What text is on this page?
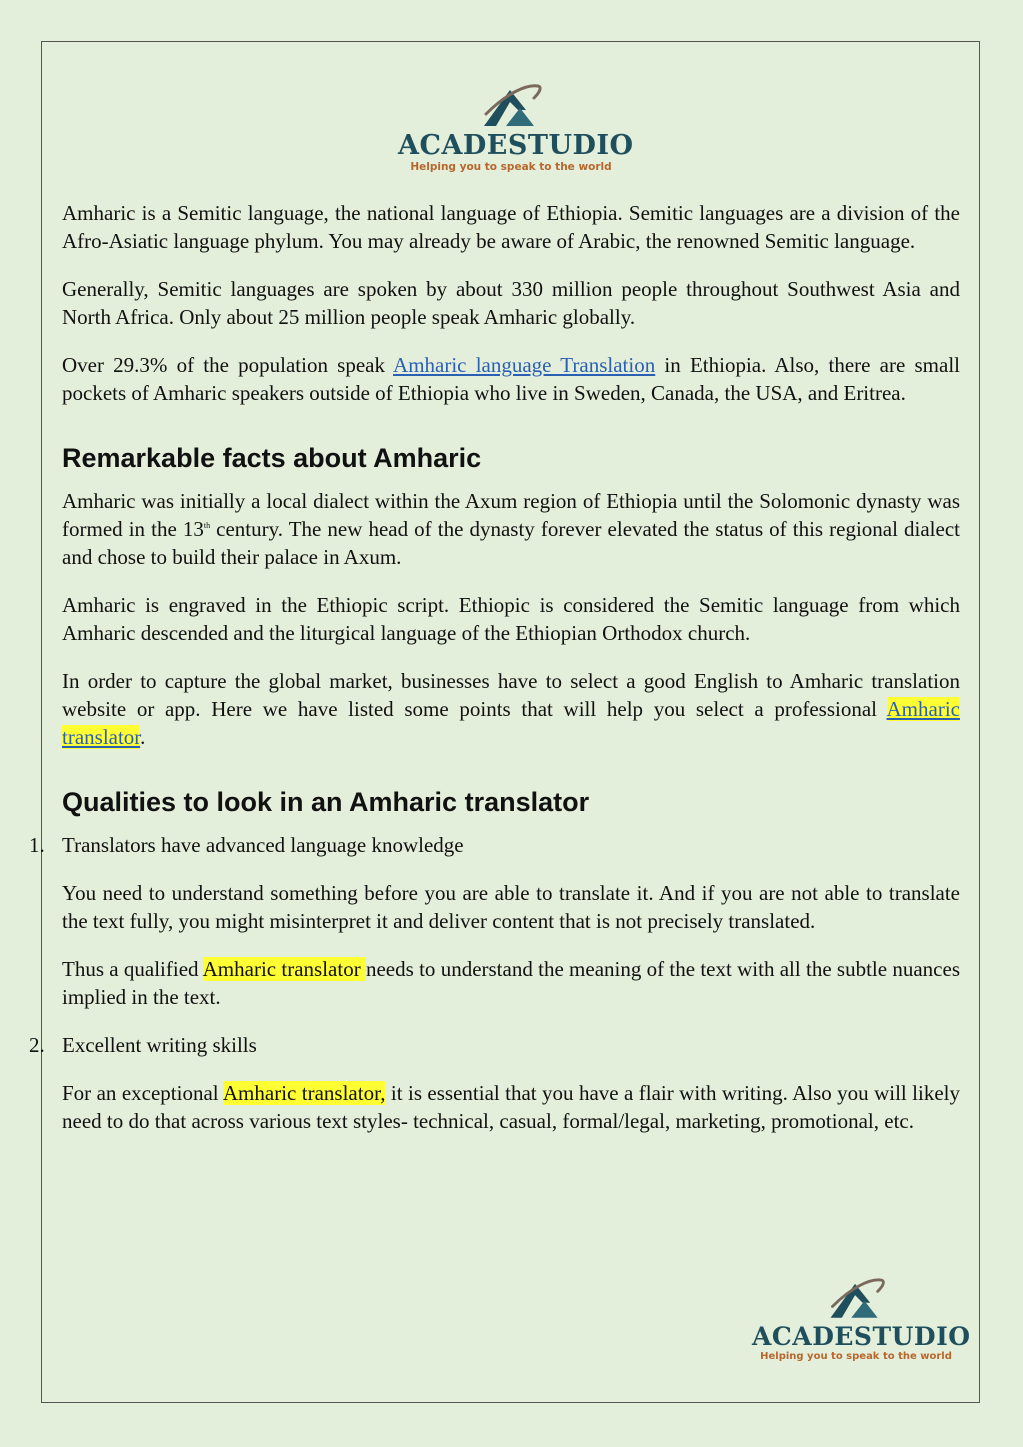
ACADESTUDIO
Helping you to speak to the world

Amharic is a Semitic language, the national language of Ethiopia. Semitic languages are a division of the Afro-Asiatic language phylum. You may already be aware of Arabic, the renowned Semitic language.

Generally, Semitic languages are spoken by about 330 million people throughout Southwest Asia and North Africa. Only about 25 million people speak Amharic globally.

Over 29.3% of the population speak Amharic language Translation in Ethiopia. Also, there are small pockets of Amharic speakers outside of Ethiopia who live in Sweden, Canada, the USA, and Eritrea.

Remarkable facts about Amharic

Amharic was initially a local dialect within the Axum region of Ethiopia until the Solomonic dynasty was formed in the 13th century. The new head of the dynasty forever elevated the status of this regional dialect and chose to build their palace in Axum.

Amharic is engraved in the Ethiopic script. Ethiopic is considered the Semitic language from which Amharic descended and the liturgical language of the Ethiopian Orthodox church.

In order to capture the global market, businesses have to select a good English to Amharic translation website or app. Here we have listed some points that will help you select a professional Amharic translator.

Qualities to look in an Amharic translator
1. Translators have advanced language knowledge

You need to understand something before you are able to translate it. And if you are not able to translate the text fully, you might misinterpret it and deliver content that is not precisely translated.

Thus a qualified Amharic translator needs to understand the meaning of the text with all the subtle nuances implied in the text.

2. Excellent writing skills

For an exceptional Amharic translator, it is essential that you have a flair with writing. Also you will likely need to do that across various text styles- technical, casual, formal/legal, marketing, promotional, etc.

ACADESTUDIO
Helping you to speak to the world
